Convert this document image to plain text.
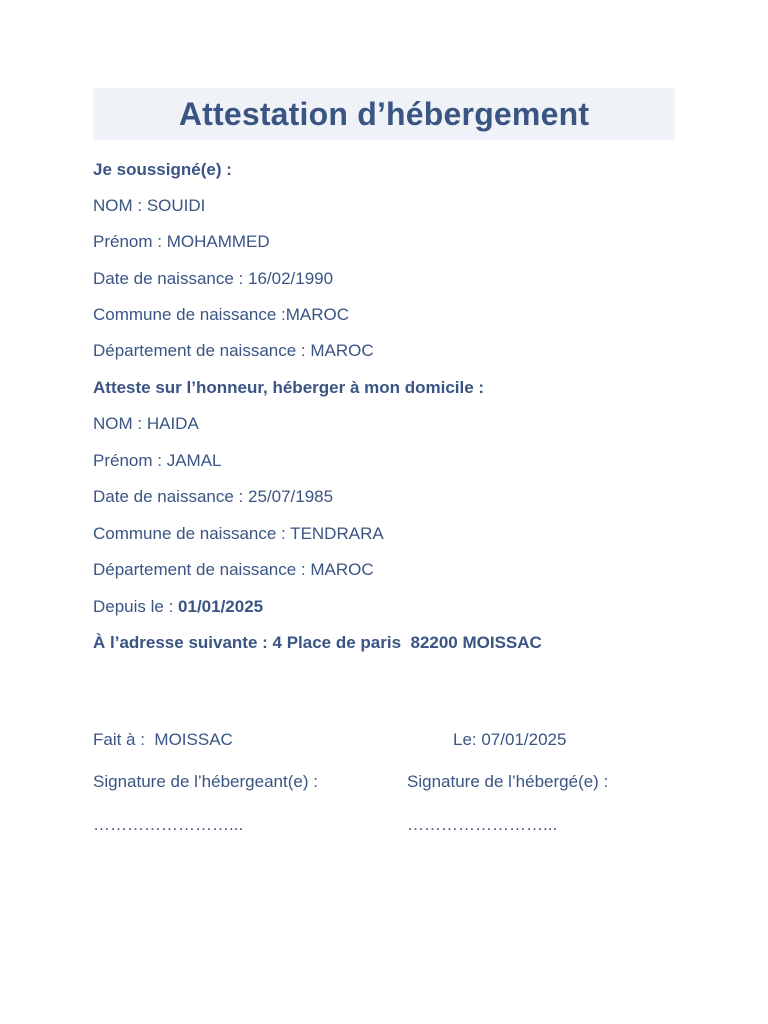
Attestation d’hébergement
Je soussigné(e) :
NOM : SOUIDI
Prénom : MOHAMMED
Date de naissance : 16/02/1990
Commune de naissance :MAROC
Département de naissance : MAROC
Atteste sur l’honneur, héberger à mon domicile :
NOM : HAIDA
Prénom : JAMAL
Date de naissance : 25/07/1985
Commune de naissance : TENDRARA
Département de naissance : MAROC
Depuis le : 01/01/2025
À l’adresse suivante : 4 Place de paris  82200 MOISSAC
Fait à :  MOISSAC	Le: 07/01/2025
Signature de l’hébergeant(e) :	Signature de l’hébergé(e) :
……………………...	……………………...
